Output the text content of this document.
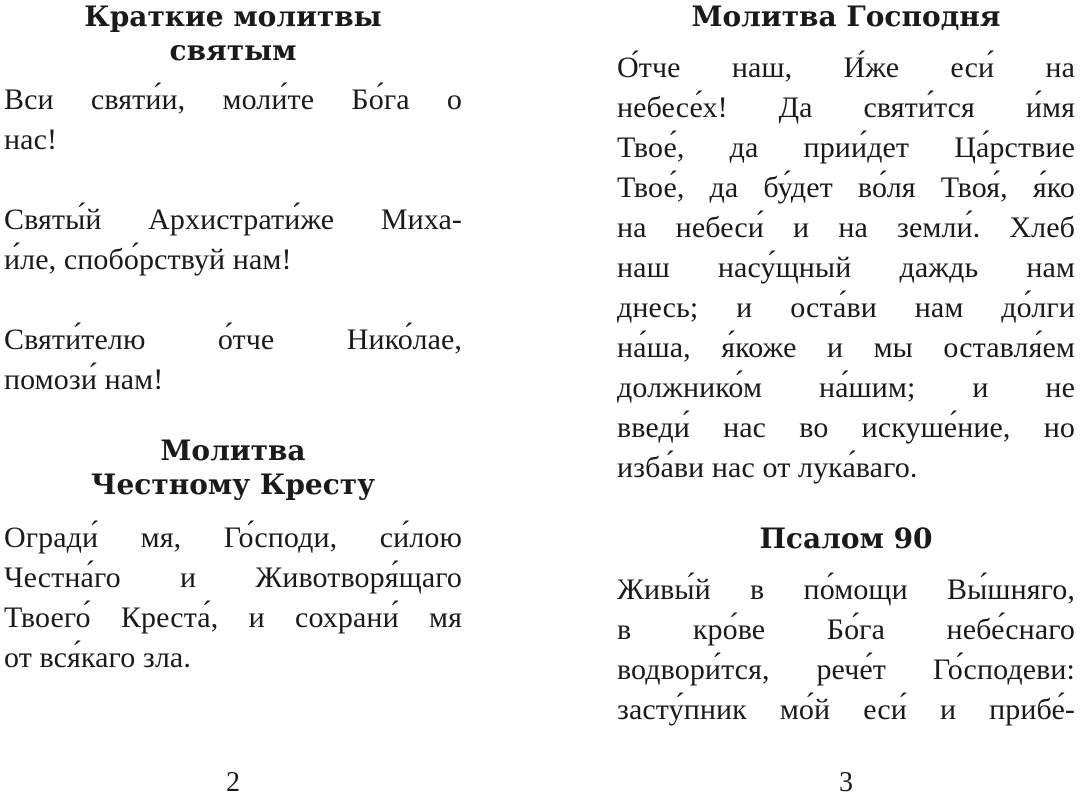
Краткие молитвы
святым

Вси святи́и, моли́те Бо́га о
нас!

Святы́й Архистрати́же Миха-
и́ле, спобо́рствуй нам!

Святи́телю о́тче Нико́лае,
помози́ нам!

Молитва
Честному Кресту

Огради́ мя, Го́споди, си́лою
Честна́го и Животворя́щаго
Твоего́ Креста́, и сохрани́ мя
от вся́каго зла.

2
Молитва Господня

О́тче наш, И́же еси́ на
небесе́х! Да святи́тся и́мя
Твое́, да прии́дет Ца́рствие
Твое́, да бу́дет во́ля Твоя́, я́ко
на небеси́ и на земли́. Хлеб
наш насу́щный даждь нам
днесь; и оста́ви нам до́лги
на́ша, я́коже и мы оставля́ем
должнико́м на́шим; и не
введи́ нас во искуше́ние, но
изба́ви нас от лука́ваго.

Псалом 90

Живы́й в по́мощи Вы́шняго,
в кро́ве Бо́га небе́снаго
водвори́тся, рече́т Го́сподеви:
засту́пник мо́й еси́ и прибе́-

3
